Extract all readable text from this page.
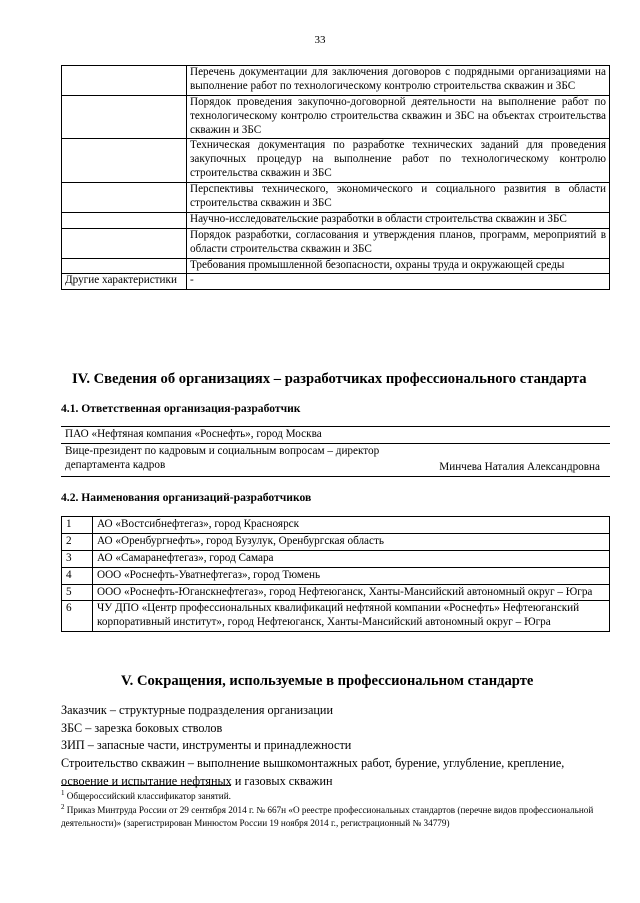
33
	Перечень документации для заключения договоров с подрядными организациями на выполнение работ по технологическому контролю строительства скважин и ЗБС
	Порядок проведения закупочно-договорной деятельности на выполнение работ по технологическому контролю строительства скважин и ЗБС на объектах строительства скважин и ЗБС
	Техническая документация по разработке технических заданий для проведения закупочных процедур на выполнение работ по технологическому контролю строительства скважин и ЗБС
	Перспективы технического, экономического и социального развития в области строительства скважин и ЗБС
	Научно-исследовательские разработки в области строительства скважин и ЗБС
	Порядок разработки, согласования и утверждения планов, программ, мероприятий в области строительства скважин и ЗБС
	Требования промышленной безопасности, охраны труда и окружающей среды
Другие характеристики	-
IV. Сведения об организациях – разработчиках профессионального стандарта
4.1. Ответственная организация-разработчик
ПАО «Нефтяная компания «Роснефть», город Москва

Вице-президент по кадровым и социальным вопросам – директор департамента кадров	Минчева Наталия Александровна
4.2. Наименования организаций-разработчиков
1	АО «Востсибнефтегаз», город Красноярск
2	АО «Оренбургнефть», город Бузулук, Оренбургская область
3	АО «Самаранефтегаз», город Самара
4	ООО «Роснефть-Уватнефтегаз», город Тюмень
5	ООО «Роснефть-Юганскнефтегаз», город Нефтеюганск, Ханты-Мансийский автономный округ – Югра
6	ЧУ ДПО «Центр профессиональных квалификаций нефтяной компании «Роснефть» Нефтеюганский корпоративный институт», город Нефтеюганск, Ханты-Мансийский автономный округ – Югра
V. Сокращения, используемые в профессиональном стандарте

Заказчик – структурные подразделения организации

ЗБС – зарезка боковых стволов

ЗИП – запасные части, инструменты и принадлежности

Строительство скважин – выполнение вышкомонтажных работ, бурение, углубление, крепление, освоение и испытание нефтяных и газовых скважин

$^1$ Общероссийский классификатор занятий.

$^2$ Приказ Минтруда России от 29 сентября 2014 г. № 667н «О реестре профессиональных стандартов (перечне видов профессиональной деятельности)» (зарегистрирован Минюстом России 19 ноября 2014 г., регистрационный № 34779)
